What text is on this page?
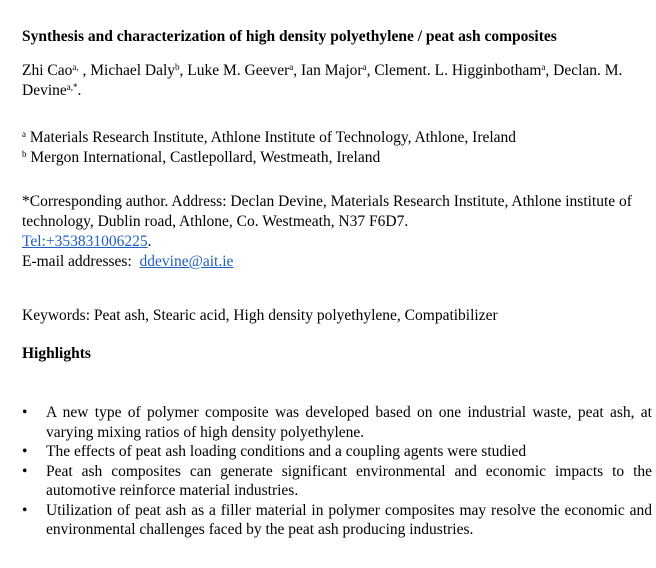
Synthesis and characterization of high density polyethylene / peat ash composites
Zhi Cao$^{a,}$ , Michael Daly$^b$, Luke M. Geever$^a$, Ian Major$^a$, Clement. L. Higginbotham$^a$, Declan. M. Devine$^{a,*}$.
$^a$ Materials Research Institute, Athlone Institute of Technology, Athlone, Ireland
$^b$ Mergon International, Castlepollard, Westmeath, Ireland
*Corresponding author. Address: Declan Devine, Materials Research Institute, Athlone institute of technology, Dublin road, Athlone, Co. Westmeath, N37 F6D7.
Tel:+353831006225.
E-mail addresses:  ddevine@ait.ie
Keywords: Peat ash, Stearic acid, High density polyethylene, Compatibilizer
Highlights
• A new type of polymer composite was developed based on one industrial waste, peat ash, at varying mixing ratios of high density polyethylene.
• The effects of peat ash loading conditions and a coupling agents were studied
• Peat ash composites can generate significant environmental and economic impacts to the automotive reinforce material industries.
• Utilization of peat ash as a filler material in polymer composites may resolve the economic and environmental challenges faced by the peat ash producing industries.
